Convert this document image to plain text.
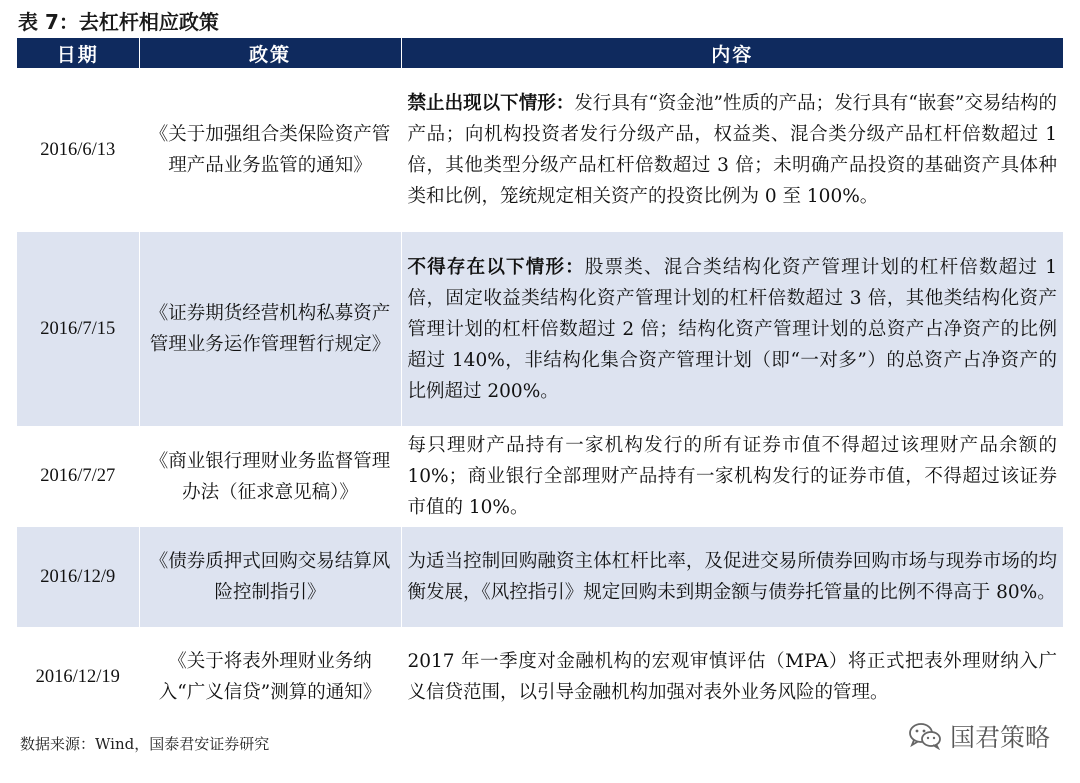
表 7：去杠杆相应政策
日期	政策	内容
2016/6/13	《关于加强组合类保险资产管理产品业务监管的通知》	禁止出现以下情形：发行具有“资金池”性质的产品；发行具有“嵌套”交易结构的产品；向机构投资者发行分级产品，权益类、混合类分级产品杠杆倍数超过 1 倍，其他类型分级产品杠杆倍数超过 3 倍；未明确产品投资的基础资产具体种类和比例，笼统规定相关资产的投资比例为 0 至 100%。
2016/7/15	《证券期货经营机构私募资产管理业务运作管理暂行规定》	不得存在以下情形：股票类、混合类结构化资产管理计划的杠杆倍数超过 1 倍，固定收益类结构化资产管理计划的杠杆倍数超过 3 倍，其他类结构化资产管理计划的杠杆倍数超过 2 倍；结构化资产管理计划的总资产占净资产的比例超过 140%，非结构化集合资产管理计划（即“一对多”）的总资产占净资产的比例超过 200%。
2016/7/27	《商业银行理财业务监督管理办法（征求意见稿）》	每只理财产品持有一家机构发行的所有证券市值不得超过该理财产品余额的 10%；商业银行全部理财产品持有一家机构发行的证券市值，不得超过该证券市值的 10%。
2016/12/9	《债券质押式回购交易结算风险控制指引》	为适当控制回购融资主体杠杆比率，及促进交易所债券回购市场与现券市场的均衡发展，《风控指引》规定回购未到期金额与债券托管量的比例不得高于 80%。
2016/12/19	《关于将表外理财业务纳入“广义信贷”测算的通知》	2017 年一季度对金融机构的宏观审慎评估（MPA）将正式把表外理财纳入广义信贷范围，以引导金融机构加强对表外业务风险的管理。
数据来源：Wind，国泰君安证券研究	国君策略
